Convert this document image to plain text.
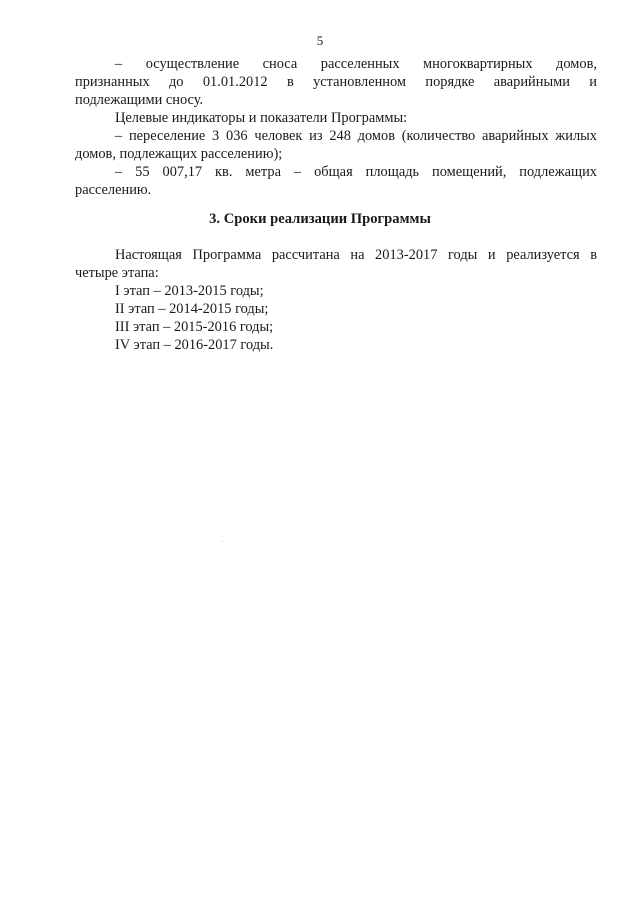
5

– осуществление сноса расселенных многоквартирных домов,

признанных до 01.01.2012 в установленном порядке аварийными и

подлежащими сносу.

Целевые индикаторы и показатели Программы:

– переселение 3 036 человек из 248 домов (количество аварийных жилых

домов, подлежащих расселению);

– 55 007,17 кв. метра – общая площадь помещений, подлежащих

расселению.

3. Сроки реализации Программы

Настоящая Программа рассчитана на 2013-2017 годы и реализуется в

четыре этапа:

I этап – 2013-2015 годы;

II этап – 2014-2015 годы;

III этап – 2015-2016 годы;

IV этап – 2016-2017 годы.
